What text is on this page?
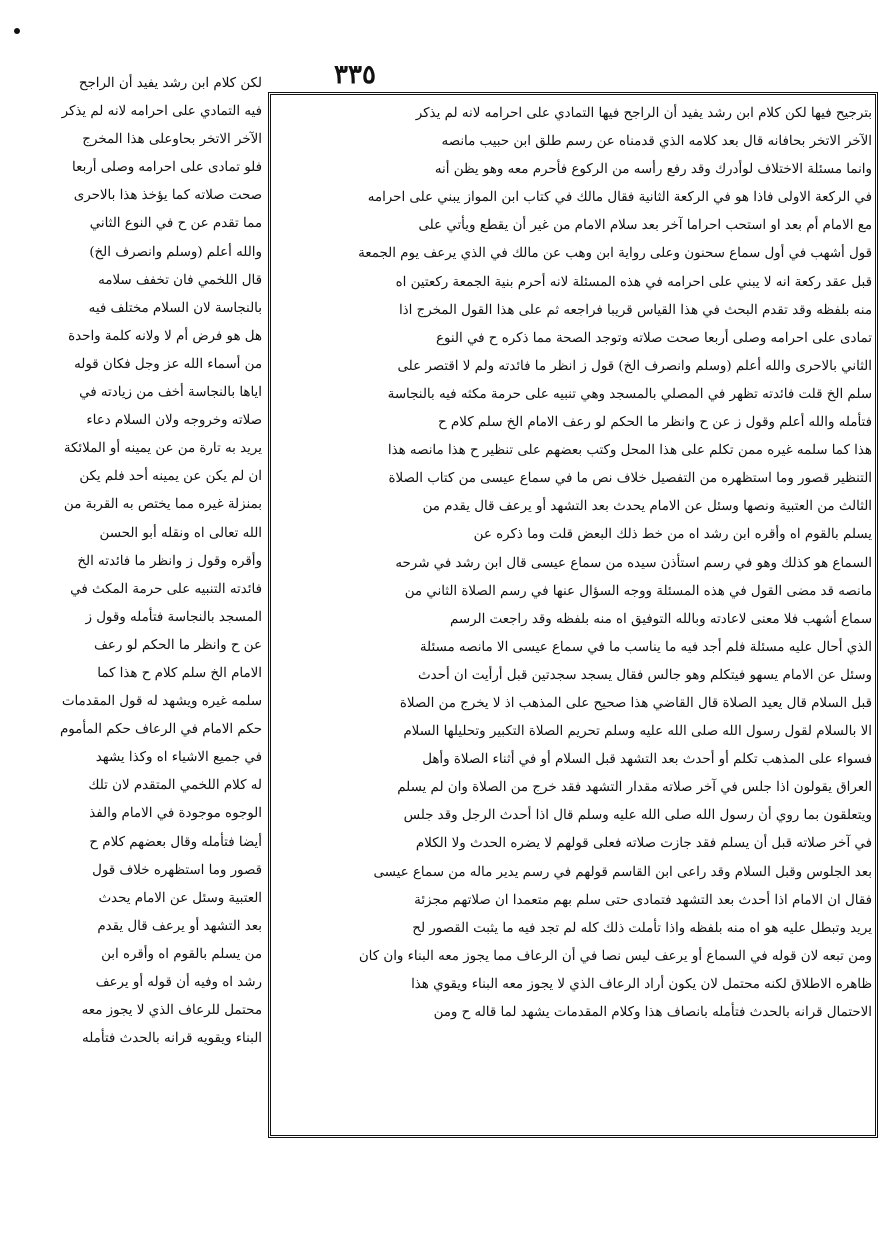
٣٣٥
بترجيح فيها لكن كلام ابن رشد يفيد أن الراجح فيها التمادي على احرامه لانه لم يذكر
الآخر الاتخر بحافانه قال بعد كلامه الذي قدمناه عن رسم طلق ابن حبيب مانصه
وانما مسئلة الاختلاف لوأدرك وقد رفع رأسه من الركوع فأحرم معه وهو يظن أنه
في الركعة الاولى فاذا هو في الركعة الثانية فقال مالك في كتاب ابن المواز يبني على احرامه
مع الامام أم بعد او استحب احراما آخر بعد سلام الامام من غير أن يقطع ويأتي على
قول أشهب في أول سماع سحنون وعلى رواية ابن وهب عن مالك في الذي يرعف يوم الجمعة
قبل عقد ركعة انه لا يبني على احرامه في هذه المسئلة لانه أحرم بنية الجمعة ركعتين اه
منه بلفظه وقد تقدم البحث في هذا القياس قريبا فراجعه ثم على هذا القول المخرج اذا
تمادى على احرامه وصلى أربعا صحت صلاته وتوجد الصحة مما ذكره ح في النوع
الثاني بالاحرى والله أعلم (وسلم وانصرف الخ) قول ز انظر ما فائدته ولم لا اقتصر على
سلم الخ قلت فائدته تظهر في المصلي بالمسجد وهي تنبيه على حرمة مكثه فيه بالنجاسة
فتأمله والله أعلم وقول ز عن ح وانظر ما الحكم لو رعف الامام الخ سلم كلام ح
هذا كما سلمه غيره ممن تكلم على هذا المحل وكتب بعضهم على تنظير ح هذا مانصه هذا
التنظير قصور وما استظهره من التفصيل خلاف نص ما في سماع عيسى من كتاب الصلاة
الثالث من العتبية ونصها وسئل عن الامام يحدث بعد التشهد أو يرعف قال يقدم من
يسلم بالقوم اه وأقره ابن رشد اه من خط ذلك البعض قلت وما ذكره عن
السماع هو كذلك وهو في رسم استأذن سيده من سماع عيسى قال ابن رشد في شرحه
مانصه قد مضى القول في هذه المسئلة ووجه السؤال عنها في رسم الصلاة الثاني من
سماع أشهب فلا معنى لاعادته وبالله التوفيق اه منه بلفظه وقد راجعت الرسم
الذي أحال عليه مسئلة فلم أجد فيه ما يناسب ما في سماع عيسى الا مانصه مسئلة
وسئل عن الامام يسهو فيتكلم وهو جالس فقال يسجد سجدتين قبل أرأيت ان أحدث
قبل السلام قال يعيد الصلاة قال القاضي هذا صحيح على المذهب اذ لا يخرج من الصلاة
الا بالسلام لقول رسول الله صلى الله عليه وسلم تحريم الصلاة التكبير وتحليلها السلام
فسواء على المذهب تكلم أو أحدث بعد التشهد قبل السلام أو في أثناء الصلاة وأهل
العراق يقولون اذا جلس في آخر صلاته مقدار التشهد فقد خرج من الصلاة وان لم يسلم
ويتعلقون بما روي أن رسول الله صلى الله عليه وسلم قال اذا أحدث الرجل وقد جلس
في آخر صلاته قبل أن يسلم فقد جازت صلاته فعلى قولهم لا يضره الحدث ولا الكلام
بعد الجلوس وقبل السلام وقد راعى ابن القاسم قولهم في رسم يدير ماله من سماع عيسى
فقال ان الامام اذا أحدث بعد التشهد فتمادى حتى سلم بهم متعمدا ان صلاتهم مجزئة
يريد وتبطل عليه هو اه منه بلفظه واذا تأملت ذلك كله لم تجد فيه ما يثبت القصور لح
ومن تبعه لان قوله في السماع أو يرعف ليس نصا في أن الرعاف مما يجوز معه البناء وان كان
ظاهره الاطلاق لكنه محتمل لان يكون أراد الرعاف الذي لا يجوز معه البناء ويقوي هذا
الاحتمال قرانه بالحدث فتأمله بانصاف هذا وكلام المقدمات يشهد لما قاله ح ومن
لكن كلام ابن رشد يفيد أن الراجح
فيه التمادي على احرامه لانه لم يذكر
الآخر الاتخر بحاوعلى هذا المخرج
فلو تمادى على احرامه وصلى أربعا
صحت صلاته كما يؤخذ هذا بالاحرى
مما تقدم عن ح في النوع الثاني
والله أعلم (وسلم وانصرف الخ)
قال اللخمي فان تخفف سلامه
بالنجاسة لان السلام مختلف فيه
هل هو فرض أم لا ولانه كلمة واحدة
من أسماء الله عز وجل فكان قوله
اياها بالنجاسة أخف من زيادته في
صلاته وخروجه ولان السلام دعاء
يريد به تارة من عن يمينه أو الملائكة
ان لم يكن عن يمينه أحد فلم يكن
بمنزلة غيره مما يختص به القربة من
الله تعالى اه ونقله أبو الحسن
وأقره وقول ز وانظر ما فائدته الخ
فائدته التنبيه على حرمة المكث في
المسجد بالنجاسة فتأمله وقول ز
عن ح وانظر ما الحكم لو رعف
الامام الخ سلم كلام ح هذا كما
سلمه غيره ويشهد له قول المقدمات
حكم الامام في الرعاف حكم المأموم
في جميع الاشياء اه وكذا يشهد
له كلام اللخمي المتقدم لان تلك
الوجوه موجودة في الامام والفذ
أيضا فتأمله وقال بعضهم كلام ح
قصور وما استظهره خلاف قول
العتبية وسئل عن الامام يحدث
بعد التشهد أو يرعف قال يقدم
من يسلم بالقوم اه وأقره ابن
رشد اه وفيه أن قوله أو يرعف
محتمل للرعاف الذي لا يجوز معه
البناء ويقويه قرانه بالحدث فتأمله
